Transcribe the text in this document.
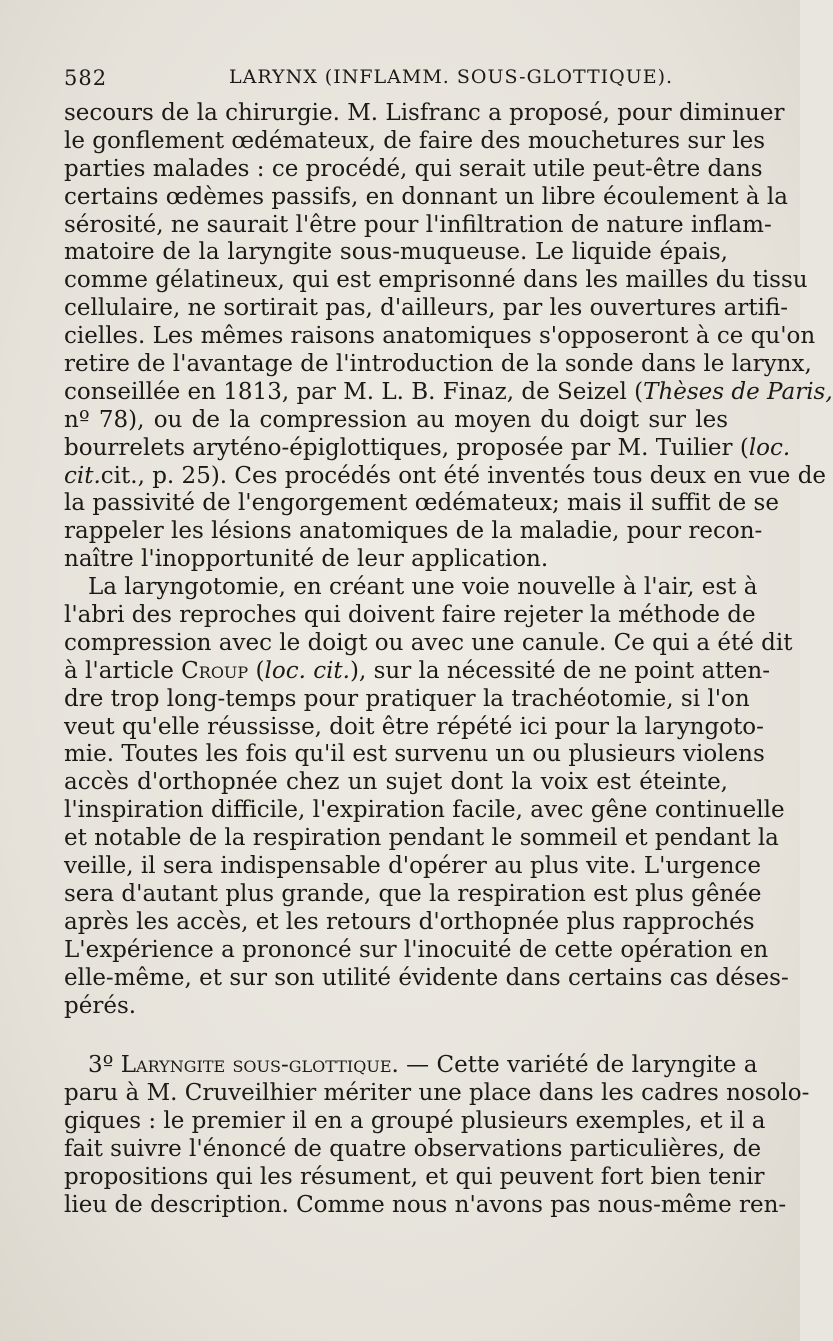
582	LARYNX (INFLAMM. SOUS-GLOTTIQUE).
secours de la chirurgie. M. Lisfranc a proposé, pour diminuer
le gonflement œdémateux, de faire des mouchetures sur les
parties malades : ce procédé, qui serait utile peut-être dans
certains œdèmes passifs, en donnant un libre écoulement à la
sérosité, ne saurait l'être pour l'infiltration de nature inflam-
matoire de la laryngite sous-muqueuse. Le liquide épais,
comme gélatineux, qui est emprisonné dans les mailles du tissu
cellulaire, ne sortirait pas, d'ailleurs, par les ouvertures artifi-
cielles. Les mêmes raisons anatomiques s'opposeront à ce qu'on
retire de l'avantage de l'introduction de la sonde dans le larynx,
conseillée en 1813, par M. L. B. Finaz, de Seizel (Thèses de Paris,
nº 78), ou de la compression au moyen du doigt sur les
bourrelets aryténo-épiglottiques, proposée par M. Tuilier (loc.
cit.cit., p. 25). Ces procédés ont été inventés tous deux en vue de
la passivité de l'engorgement œdémateux; mais il suffit de se
rappeler les lésions anatomiques de la maladie, pour recon-
naître l'inopportunité de leur application.
La laryngotomie, en créant une voie nouvelle à l'air, est à
l'abri des reproches qui doivent faire rejeter la méthode de
compression avec le doigt ou avec une canule. Ce qui a été dit
à l'article Croup (loc. cit.), sur la nécessité de ne point atten-
dre trop long-temps pour pratiquer la trachéotomie, si l'on
veut qu'elle réussisse, doit être répété ici pour la laryngoto-
mie. Toutes les fois qu'il est survenu un ou plusieurs violens
accès d'orthopnée chez un sujet dont la voix est éteinte,
l'inspiration difficile, l'expiration facile, avec gêne continuelle
et notable de la respiration pendant le sommeil et pendant la
veille, il sera indispensable d'opérer au plus vite. L'urgence
sera d'autant plus grande, que la respiration est plus gênée
après les accès, et les retours d'orthopnée plus rapprochés
L'expérience a prononcé sur l'inocuité de cette opération en
elle-même, et sur son utilité évidente dans certains cas déses-
pérés.
3º Laryngite sous-glottique. — Cette variété de laryngite a
paru à M. Cruveilhier mériter une place dans les cadres nosolo-
giques : le premier il en a groupé plusieurs exemples, et il a
fait suivre l'énoncé de quatre observations particulières, de
propositions qui les résument, et qui peuvent fort bien tenir
lieu de description. Comme nous n'avons pas nous-même ren-
